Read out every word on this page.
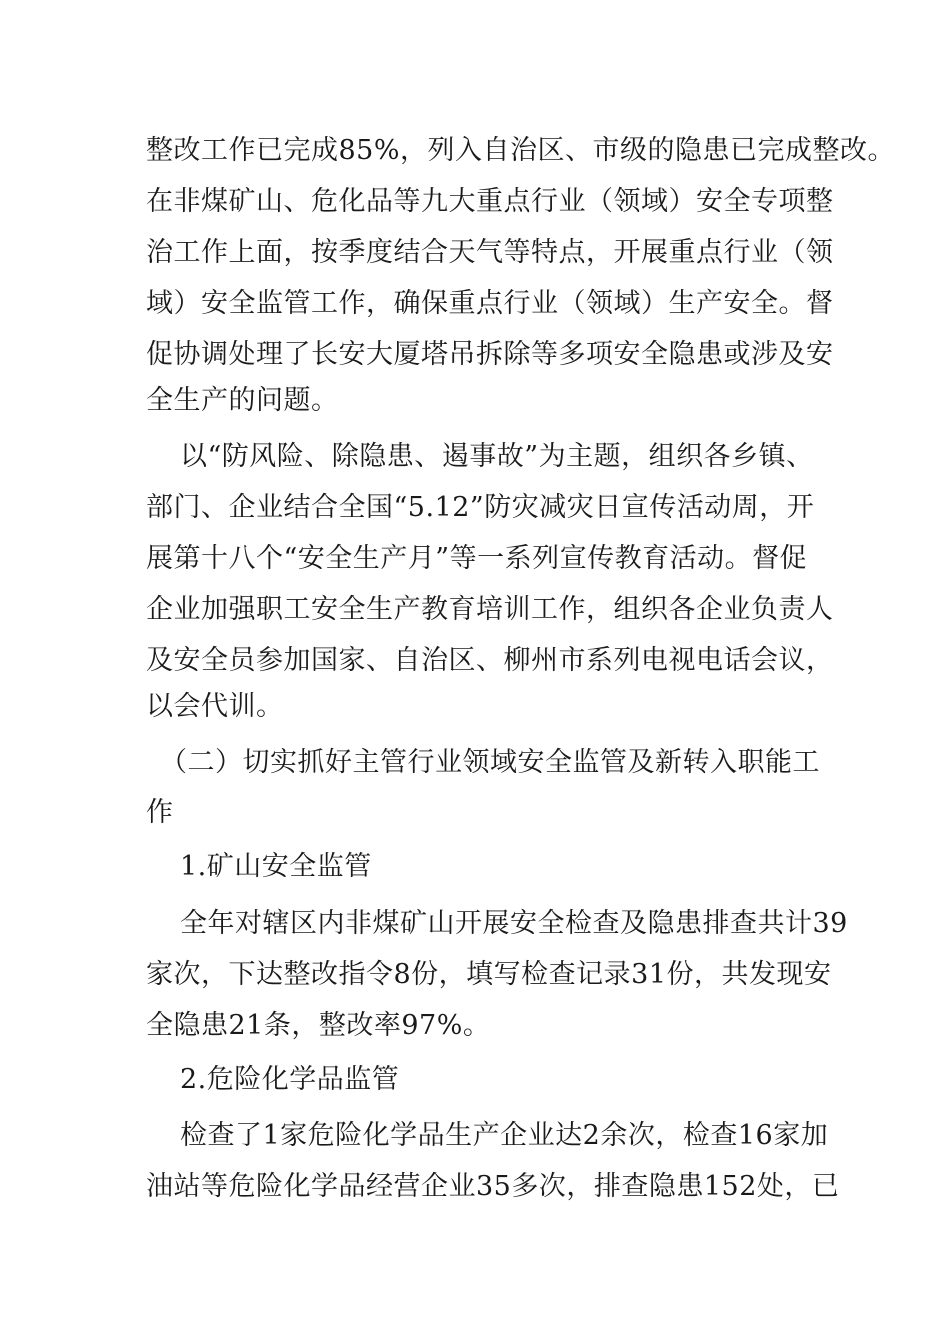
整改工作已完成85%，列入自治区、市级的隐患已完成整改。
在非煤矿山、危化品等九大重点行业（领域）安全专项整
治工作上面，按季度结合天气等特点，开展重点行业（领
域）安全监管工作，确保重点行业（领域）生产安全。督
促协调处理了长安大厦塔吊拆除等多项安全隐患或涉及安
全生产的问题。
以“防风险、除隐患、遏事故”为主题，组织各乡镇、
部门、企业结合全国“5.12”防灾减灾日宣传活动周，开
展第十八个“安全生产月”等一系列宣传教育活动。督促
企业加强职工安全生产教育培训工作，组织各企业负责人
及安全员参加国家、自治区、柳州市系列电视电话会议，
以会代训。
（二）切实抓好主管行业领域安全监管及新转入职能工
作
1.矿山安全监管
全年对辖区内非煤矿山开展安全检查及隐患排查共计39
家次，下达整改指令8份，填写检查记录31份，共发现安
全隐患21条，整改率97%。
2.危险化学品监管
检查了1家危险化学品生产企业达2余次，检查16家加
油站等危险化学品经营企业35多次，排查隐患152处，已
